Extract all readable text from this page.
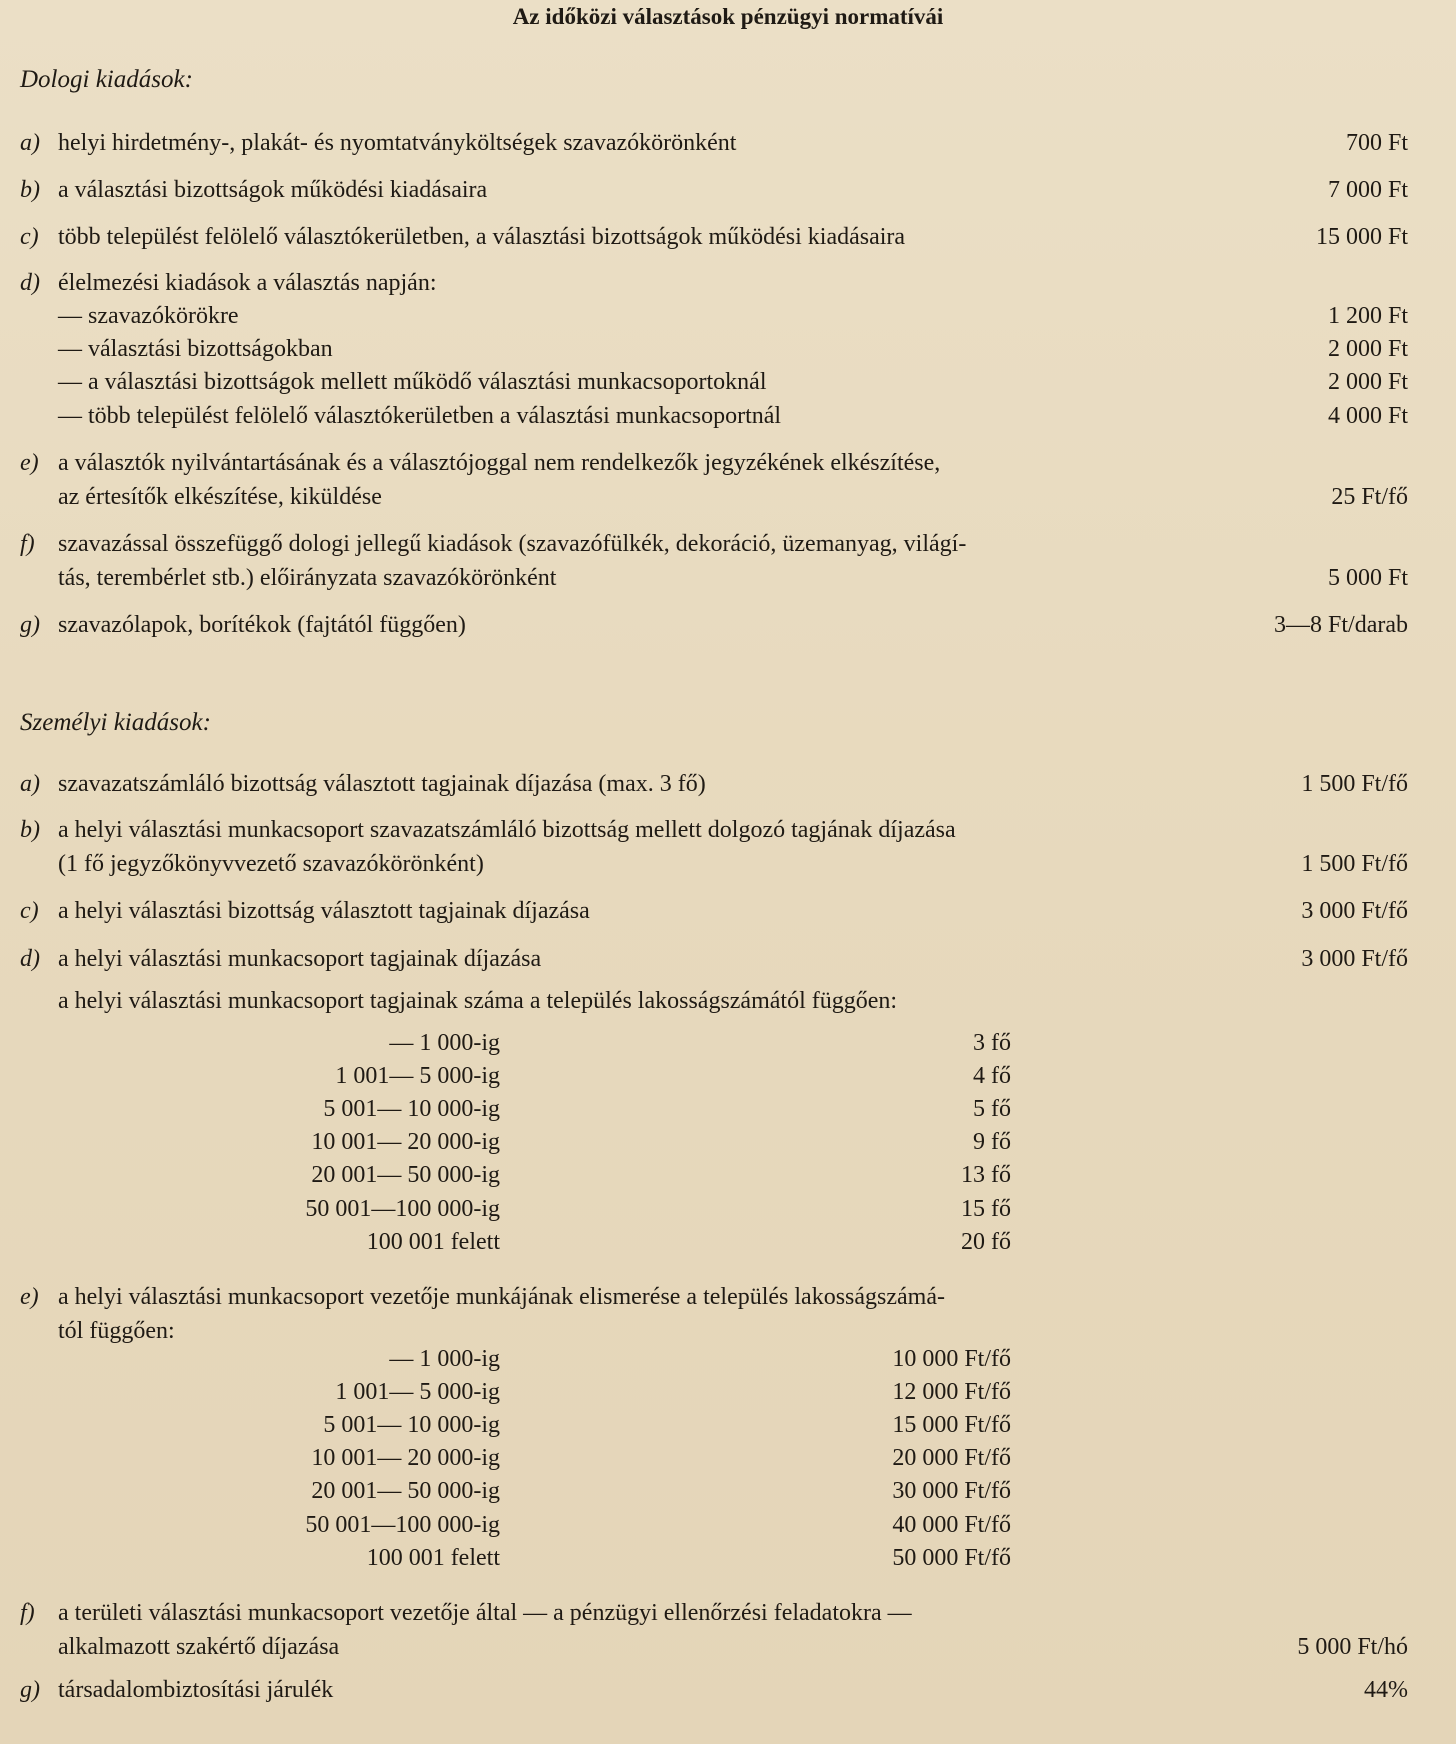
Az időközi választások pénzügyi normatívái
Dologi kiadások:
a) helyi hirdetmény-, plakát- és nyomtatványköltségek szavazókörönként	700 Ft
b) a választási bizottságok működési kiadásaira	7 000 Ft
c) több települést felölelő választókerületben, a választási bizottságok működési kiadásaira	15 000 Ft
d) élelmezési kiadások a választás napján:
— szavazókörökre	1 200 Ft
— választási bizottságokban	2 000 Ft
— a választási bizottságok mellett működő választási munkacsoportoknál	2 000 Ft
— több települést felölelő választókerületben a választási munkacsoportnál	4 000 Ft
e) a választók nyilvántartásának és a választójoggal nem rendelkezők jegyzékének elkészítése,
az értesítők elkészítése, kiküldése	25 Ft/fő
f) szavazással összefüggő dologi jellegű kiadások (szavazófülkék, dekoráció, üzemanyag, világí-
tás, terembérlet stb.) előirányzata szavazókörönként	5 000 Ft
g) szavazólapok, borítékok (fajtától függően)	3—8 Ft/darab
Személyi kiadások:
a) szavazatszámláló bizottság választott tagjainak díjazása (max. 3 fő)	1 500 Ft/fő
b) a helyi választási munkacsoport szavazatszámláló bizottság mellett dolgozó tagjának díjazása
(1 fő jegyzőkönyvvezető szavazókörönként)	1 500 Ft/fő
c) a helyi választási bizottság választott tagjainak díjazása	3 000 Ft/fő
d) a helyi választási munkacsoport tagjainak díjazása	3 000 Ft/fő
a helyi választási munkacsoport tagjainak száma a település lakosságszámától függően:
— 1 000-ig	3 fő
1 001— 5 000-ig	4 fő
5 001— 10 000-ig	5 fő
10 001— 20 000-ig	9 fő
20 001— 50 000-ig	13 fő
50 001—100 000-ig	15 fő
100 001 felett	20 fő
e) a helyi választási munkacsoport vezetője munkájának elismerése a település lakosságszámá-
tól függően:
— 1 000-ig	10 000 Ft/fő
1 001— 5 000-ig	12 000 Ft/fő
5 001— 10 000-ig	15 000 Ft/fő
10 001— 20 000-ig	20 000 Ft/fő
20 001— 50 000-ig	30 000 Ft/fő
50 001—100 000-ig	40 000 Ft/fő
100 001 felett	50 000 Ft/fő
f) a területi választási munkacsoport vezetője által — a pénzügyi ellenőrzési feladatokra —
alkalmazott szakértő díjazása	5 000 Ft/hó
g) társadalombiztosítási járulék	44%
